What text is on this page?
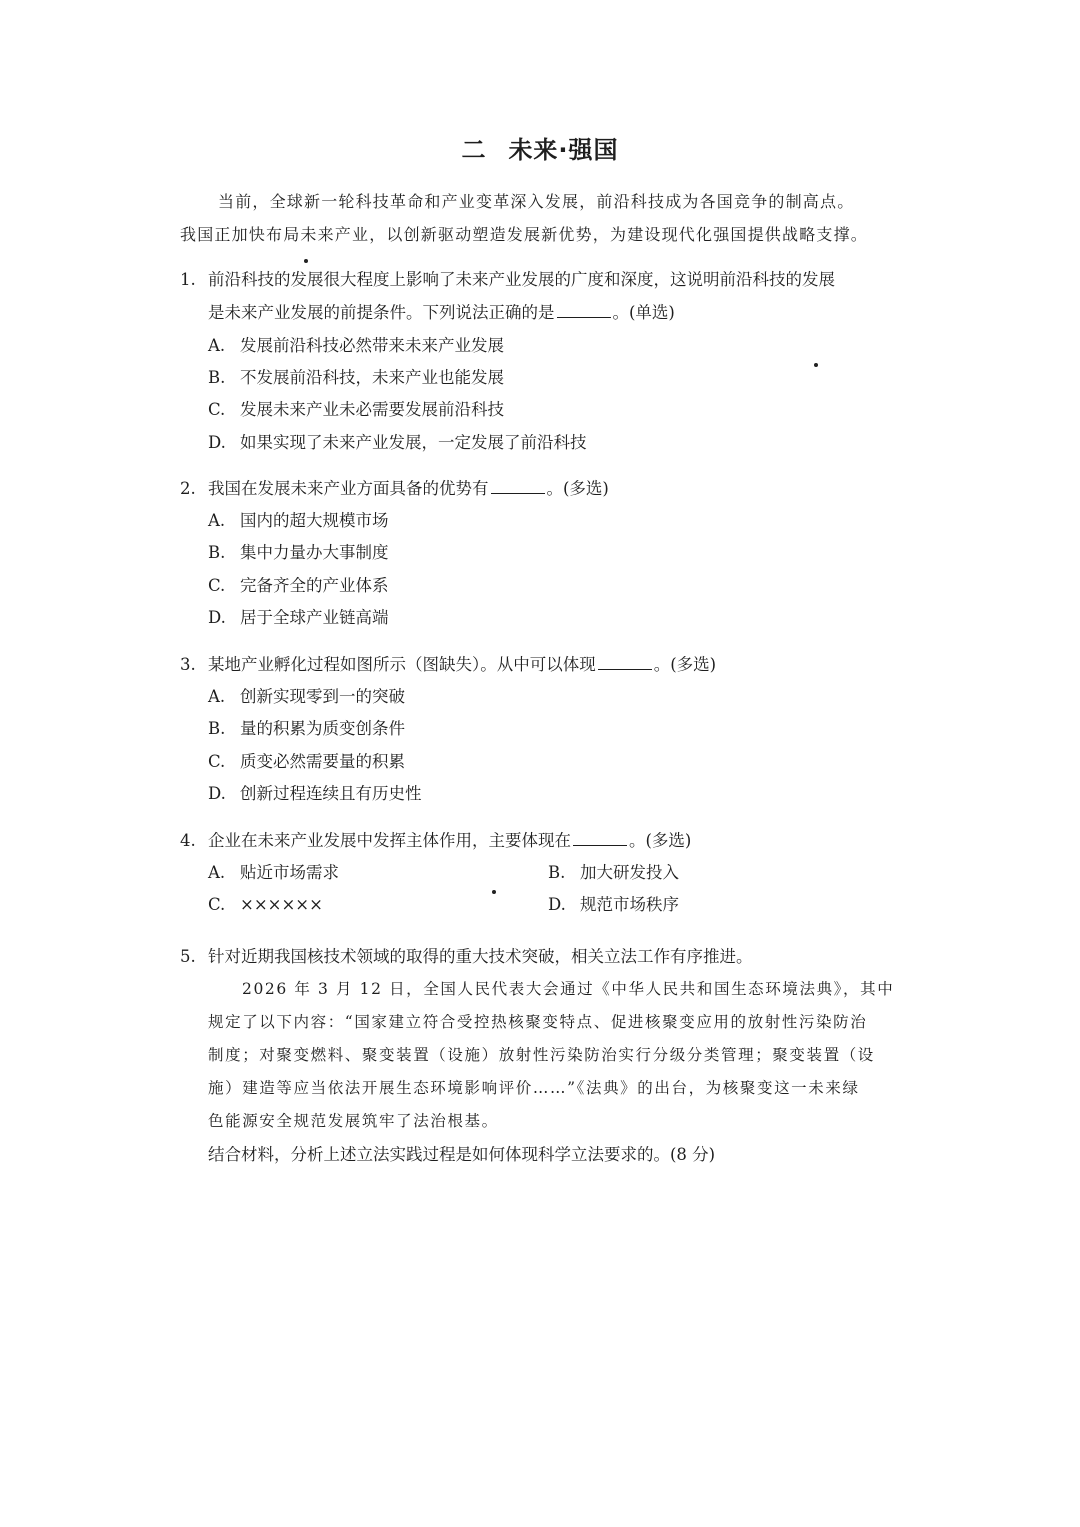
二 未来·强国
当前，全球新一轮科技革命和产业变革深入发展，前沿科技成为各国竞争的制高点。
我国正加快布局未来产业，以创新驱动塑造发展新优势，为建设现代化强国提供战略支撑。
1. 前沿科技的发展很大程度上影响了未来产业发展的广度和深度，这说明前沿科技的发展
是未来产业发展的前提条件。下列说法正确的是	。(单选)
A. 发展前沿科技必然带来未来产业发展
B. 不发展前沿科技，未来产业也能发展
C. 发展未来产业未必需要发展前沿科技
D. 如果实现了未来产业发展，一定发展了前沿科技
2. 我国在发展未来产业方面具备的优势有	。(多选)
A. 国内的超大规模市场
B. 集中力量办大事制度
C. 完备齐全的产业体系
D. 居于全球产业链高端
3. 某地产业孵化过程如图所示（图缺失）。从中可以体现	。(多选)
A. 创新实现零到一的突破
B. 量的积累为质变创条件
C. 质变必然需要量的积累
D. 创新过程连续且有历史性
4. 企业在未来产业发展中发挥主体作用，主要体现在	。(多选)
A. 贴近市场需求	B. 加大研发投入
C. ××××××	D. 规范市场秩序
5. 针对近期我国核技术领域的取得的重大技术突破，相关立法工作有序推进。
2026 年 3 月 12 日，全国人民代表大会通过《中华人民共和国生态环境法典》，其中
规定了以下内容：“国家建立符合受控热核聚变特点、促进核聚变应用的放射性污染防治
制度；对聚变燃料、聚变装置（设施）放射性污染防治实行分级分类管理；聚变装置（设
施）建造等应当依法开展生态环境影响评价……”《法典》的出台，为核聚变这一未来绿
色能源安全规范发展筑牢了法治根基。
结合材料，分析上述立法实践过程是如何体现科学立法要求的。(8 分)
